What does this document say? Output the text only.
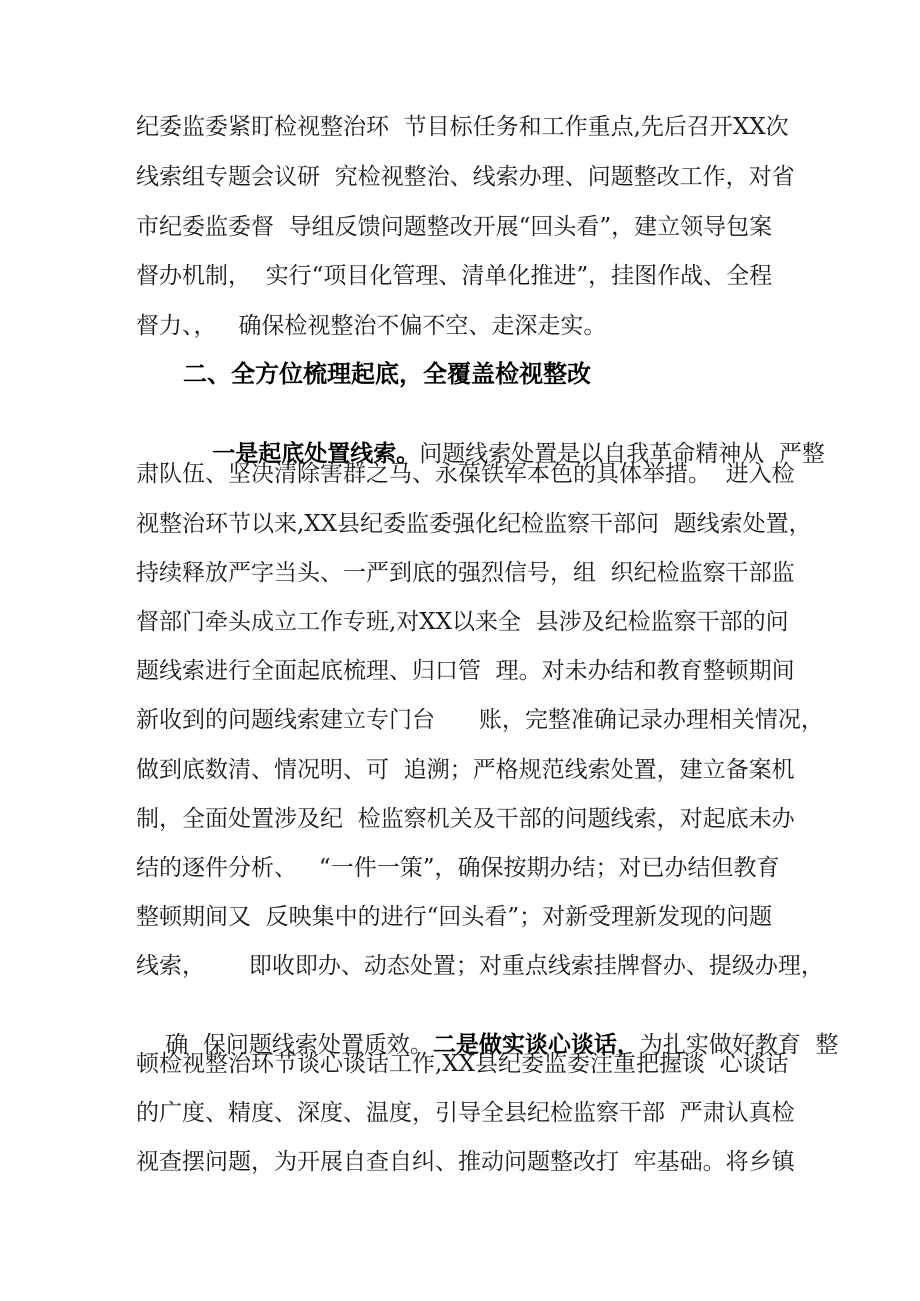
纪委监委紧盯检视整治环  节目标任务和工作重点,先后召开XX次
线索组专题会议研  究检视整治、线索办理、问题整改工作，对省
市纪委监委督  导组反馈问题整改开展“回头看”，建立领导包案
督办机制，  实行“项目化管理、清单化推进”，挂图作战、全程
督力、，   确保检视整治不偏不空、走深走实。
二、全方位梳理起底，全覆盖检视整改

一是起底处置线索。问题线索处置是以自我革命精神从  严整

肃队伍、坚决清除害群之马、永葆铁军本色的具体举措。  进入检
视整治环节以来,XX县纪委监委强化纪检监察干部问  题线索处置，
持续释放严字当头、一严到底的强烈信号，组  织纪检监察干部监
督部门牵头成立工作专班,对XX以来全  县涉及纪检监察干部的问
题线索进行全面起底梳理、归口管  理。对未办结和教育整顿期间
新收到的问题线索建立专门台      账，完整准确记录办理相关情况，
做到底数清、情况明、可  追溯；严格规范线索处置，建立备案机
制，全面处置涉及纪  检监察机关及干部的问题线索，对起底未办
结的逐件分析、   “一件一策”，确保按期办结；对已办结但教育
整顿期间又  反映集中的进行“回头看”；对新受理新发现的问题
线索，      即收即办、动态处置；对重点线索挂牌督办、提级办理，

确  保问题线索处置质效。二是做实谈心谈话，为扎实做好教育  整

顿检视整治环节谈心谈话工作,XX县纪委监委注重把握谈  心谈话
的广度、精度、深度、温度，引导全县纪检监察干部  严肃认真检
视查摆问题，为开展自查自纠、推动问题整改打  牢基础。将乡镇
